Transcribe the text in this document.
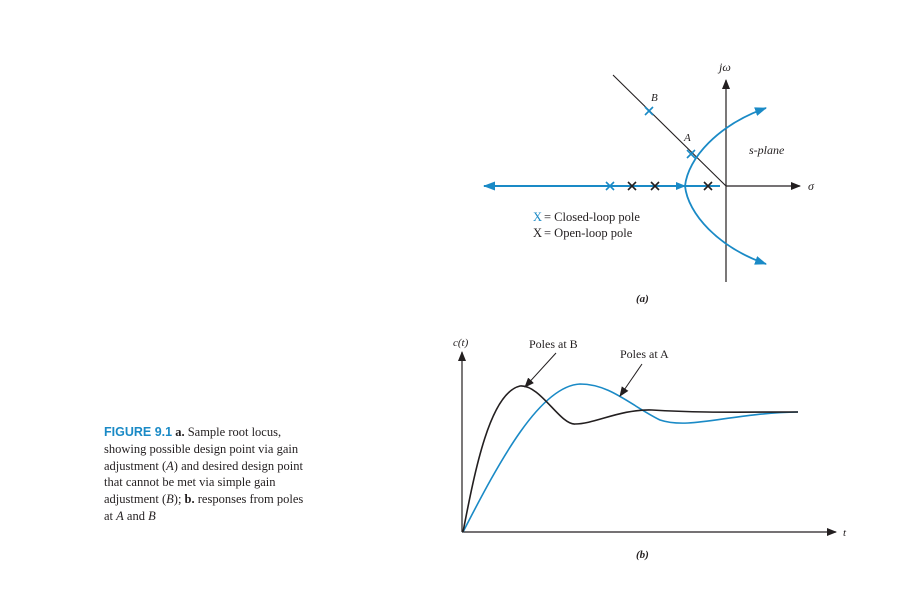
jω
σ
B
A
s-plane
X = Closed-loop pole
X = Open-loop pole
(a)
c(t)
t
Poles at B
Poles at A
(b)
FIGURE 9.1 a. Sample root locus, showing possible design point via gain adjustment (A) and desired design point that cannot be met via simple gain adjustment (B); b. responses from poles at A and B
